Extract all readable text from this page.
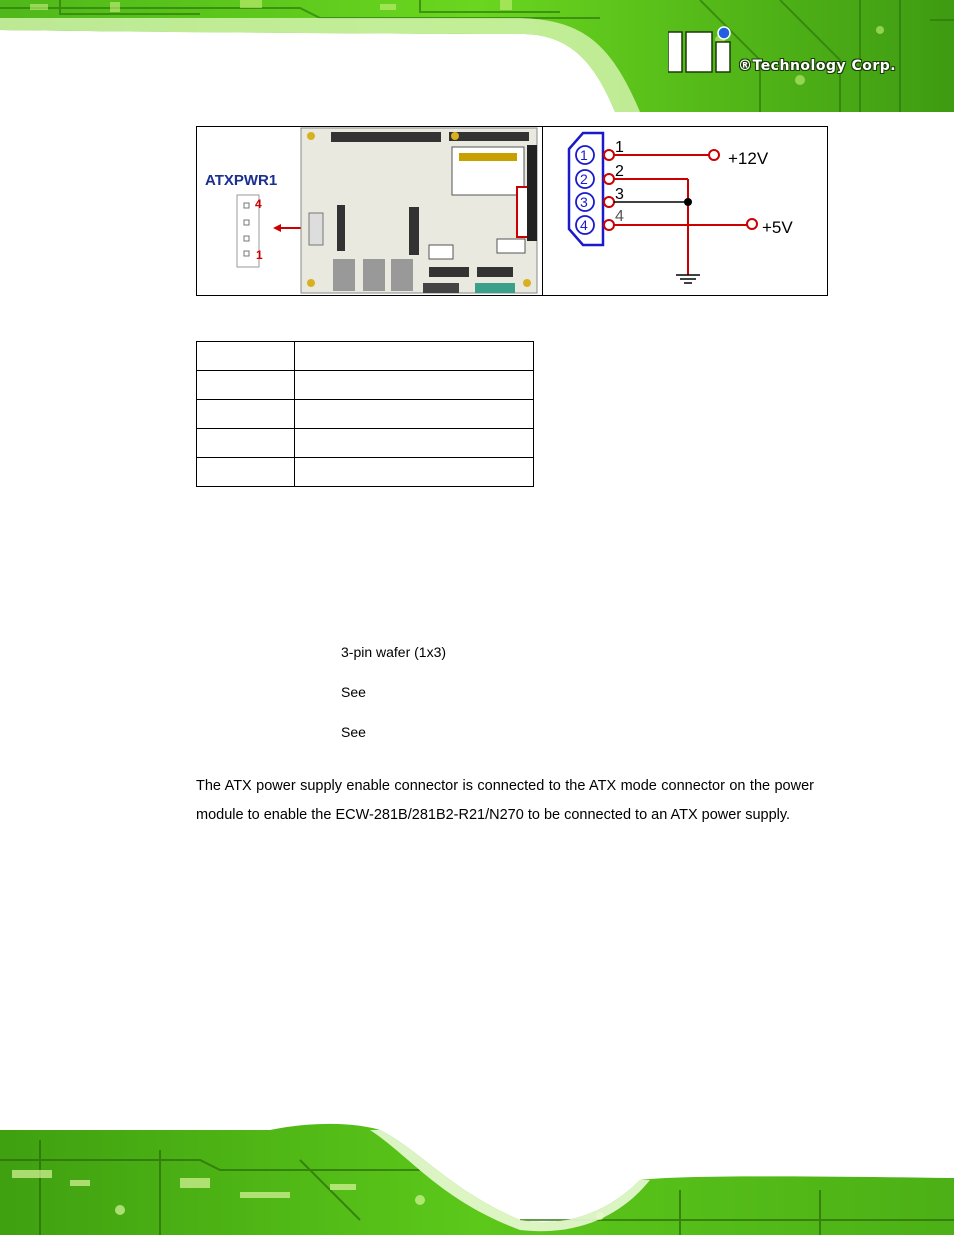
®Technology Corp.
ATXPWR1
4
1
1
2
3
4
1
2
3
4
+12V
+5V

3-pin wafer (1x3)
See
See

The ATX power supply enable connector is connected to the ATX mode connector on the power module to enable the ECW-281B/281B2-R21/N270 to be connected to an ATX power supply.
